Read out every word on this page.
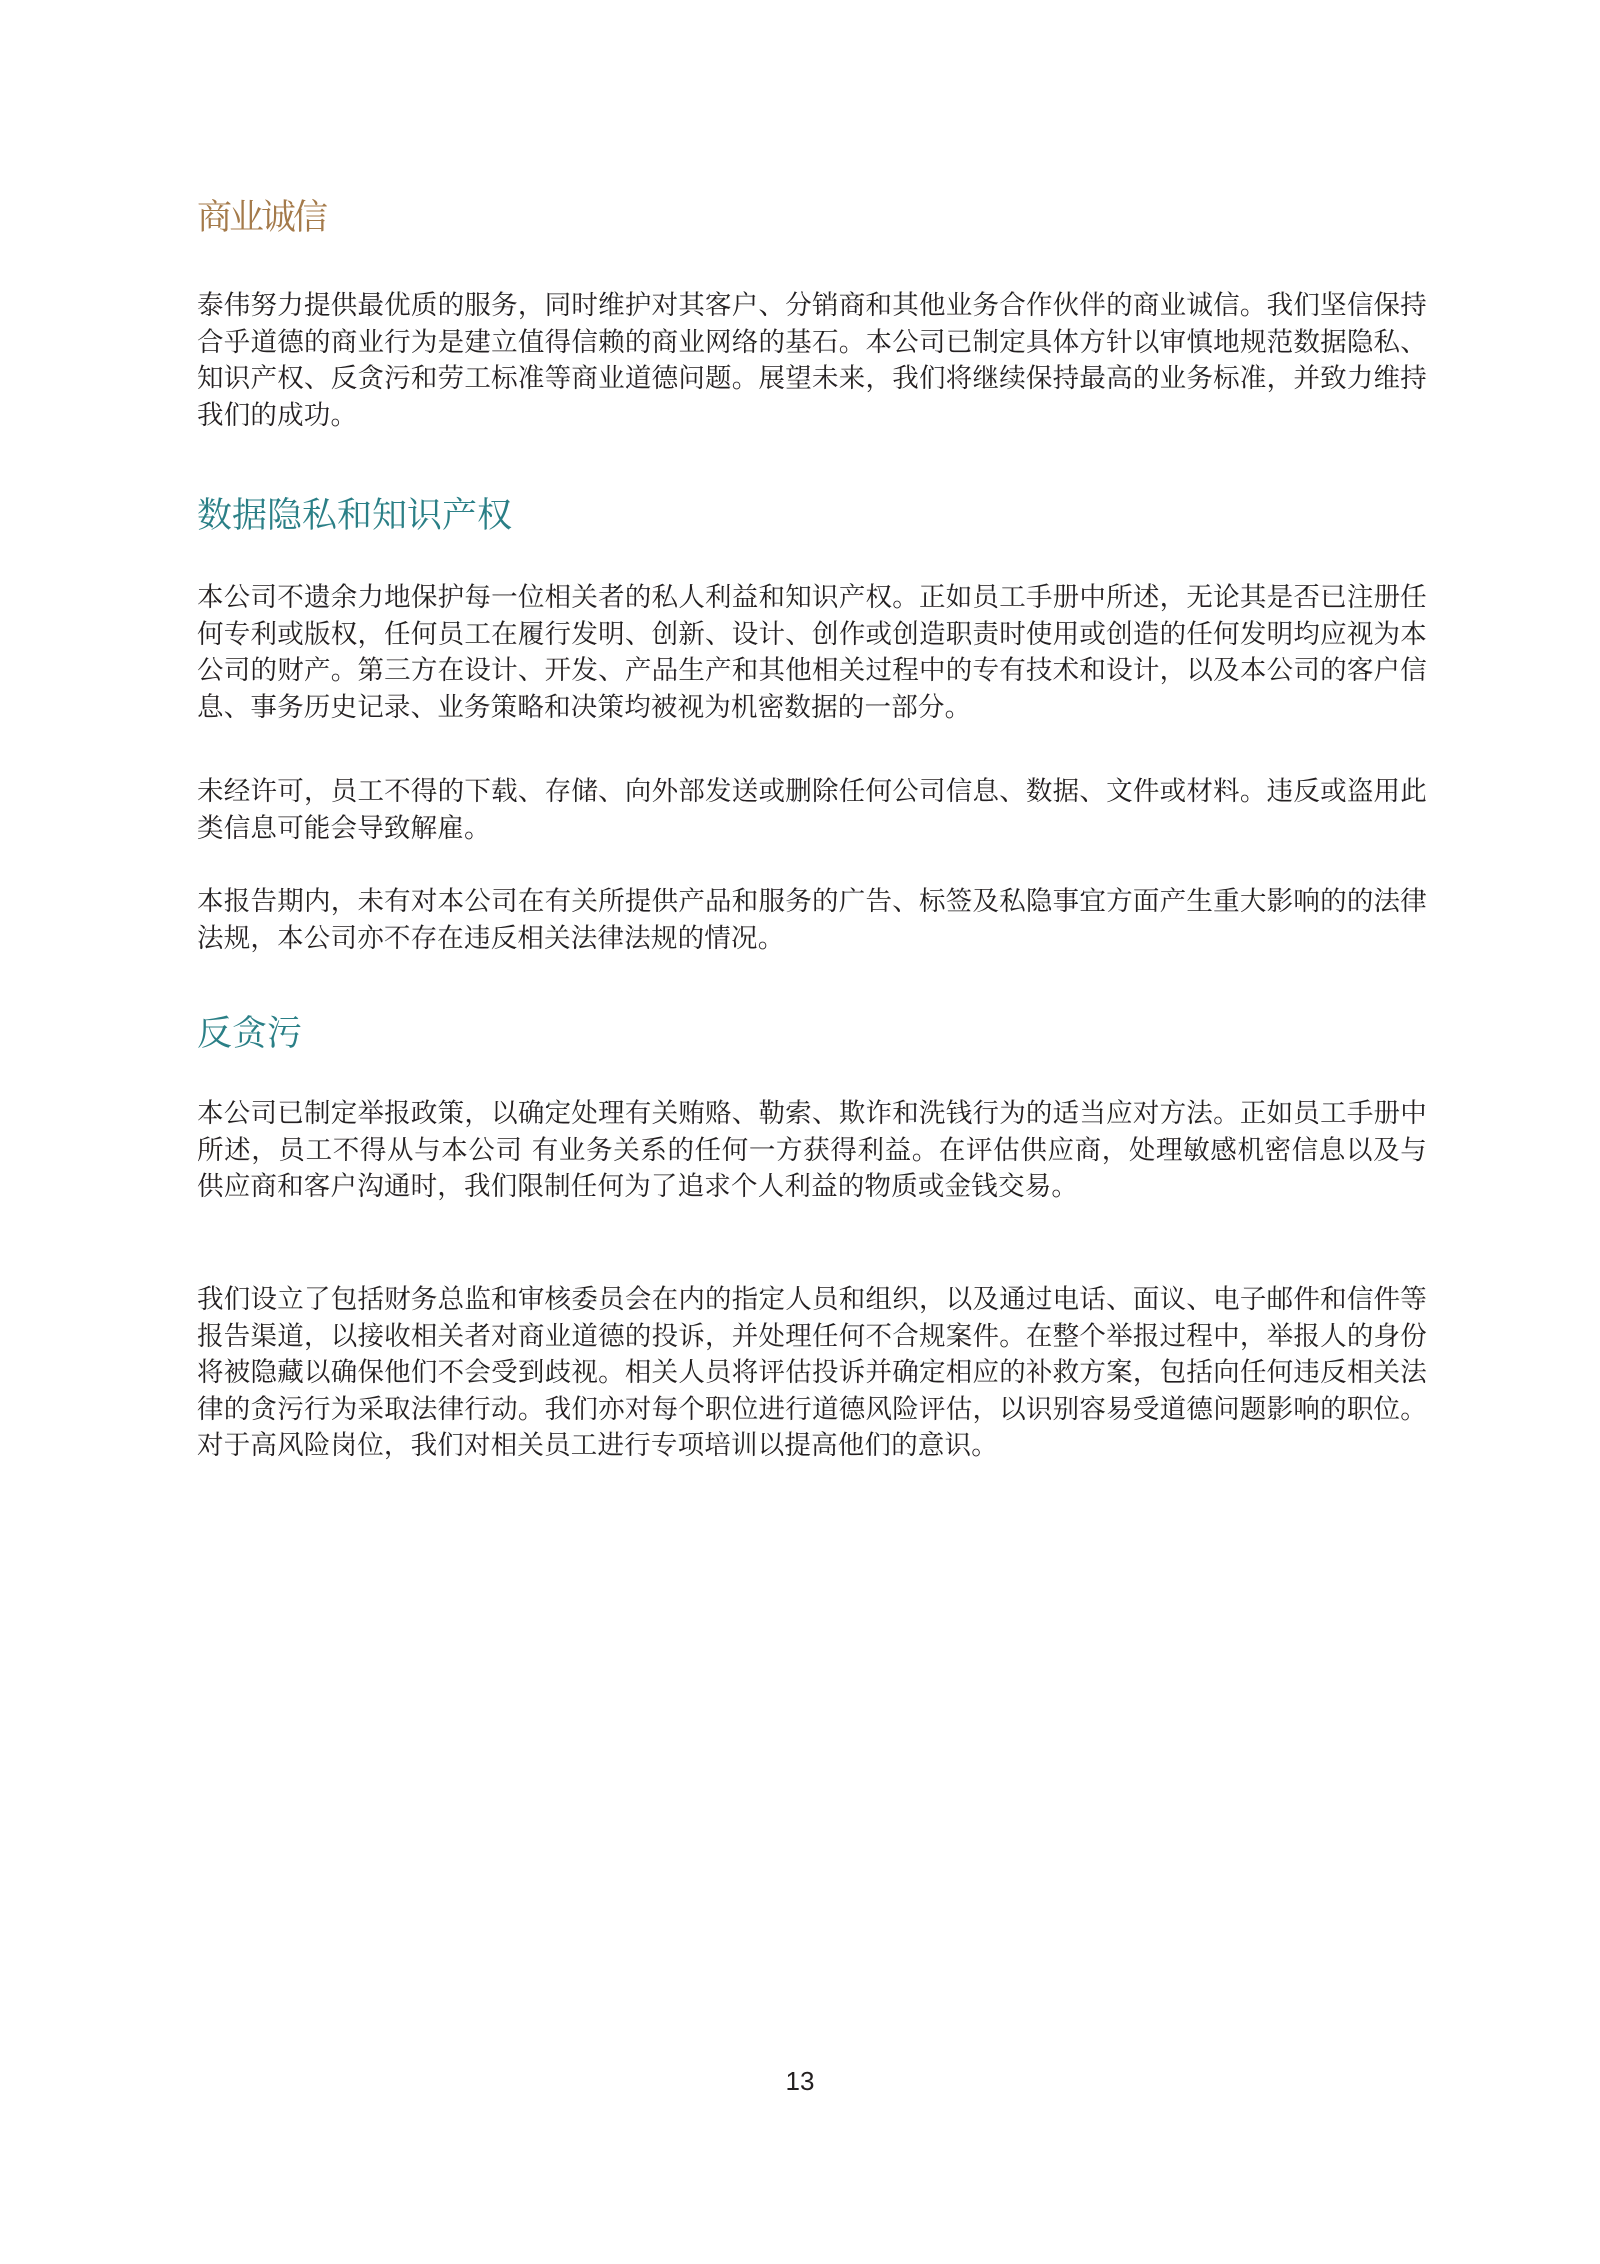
商业诚信

泰伟努力提供最优质的服务，同时维护对其客户、分销商和其他业务合作伙伴的商业诚信。我们坚信保持合乎道德的商业行为是建立值得信赖的商业网络的基石。本公司已制定具体方针以审慎地规范数据隐私、知识产权、反贪污和劳工标准等商业道德问题。展望未来，我们将继续保持最高的业务标准，并致力维持我们的成功。

数据隐私和知识产权

本公司不遗余力地保护每一位相关者的私人利益和知识产权。正如员工手册中所述，无论其是否已注册任何专利或版权，任何员工在履行发明、创新、设计、创作或创造职责时使用或创造的任何发明均应视为本公司的财产。第三方在设计、开发、产品生产和其他相关过程中的专有技术和设计，以及本公司的客户信息、事务历史记录、业务策略和决策均被视为机密数据的一部分。

未经许可，员工不得的下载、存储、向外部发送或删除任何公司信息、数据、文件或材料。违反或盗用此类信息可能会导致解雇。

本报告期内，未有对本公司在有关所提供产品和服务的广告、标签及私隐事宜方面产生重大影响的的法律法规，本公司亦不存在违反相关法律法规的情况。

反贪污

本公司已制定举报政策，以确定处理有关贿赂、勒索、欺诈和洗钱行为的适当应对方法。正如员工手册中所述，员工不得从与本公司 有业务关系的任何一方获得利益。在评估供应商，处理敏感机密信息以及与供应商和客户沟通时，我们限制任何为了追求个人利益的物质或金钱交易。

我们设立了包括财务总监和审核委员会在内的指定人员和组织，以及通过电话、面议、电子邮件和信件等报告渠道，以接收相关者对商业道德的投诉，并处理任何不合规案件。在整个举报过程中，举报人的身份将被隐藏以确保他们不会受到歧视。相关人员将评估投诉并确定相应的补救方案，包括向任何违反相关法律的贪污行为采取法律行动。我们亦对每个职位进行道德风险评估，以识别容易受道德问题影响的职位。对于高风险岗位，我们对相关员工进行专项培训以提高他们的意识。

13
